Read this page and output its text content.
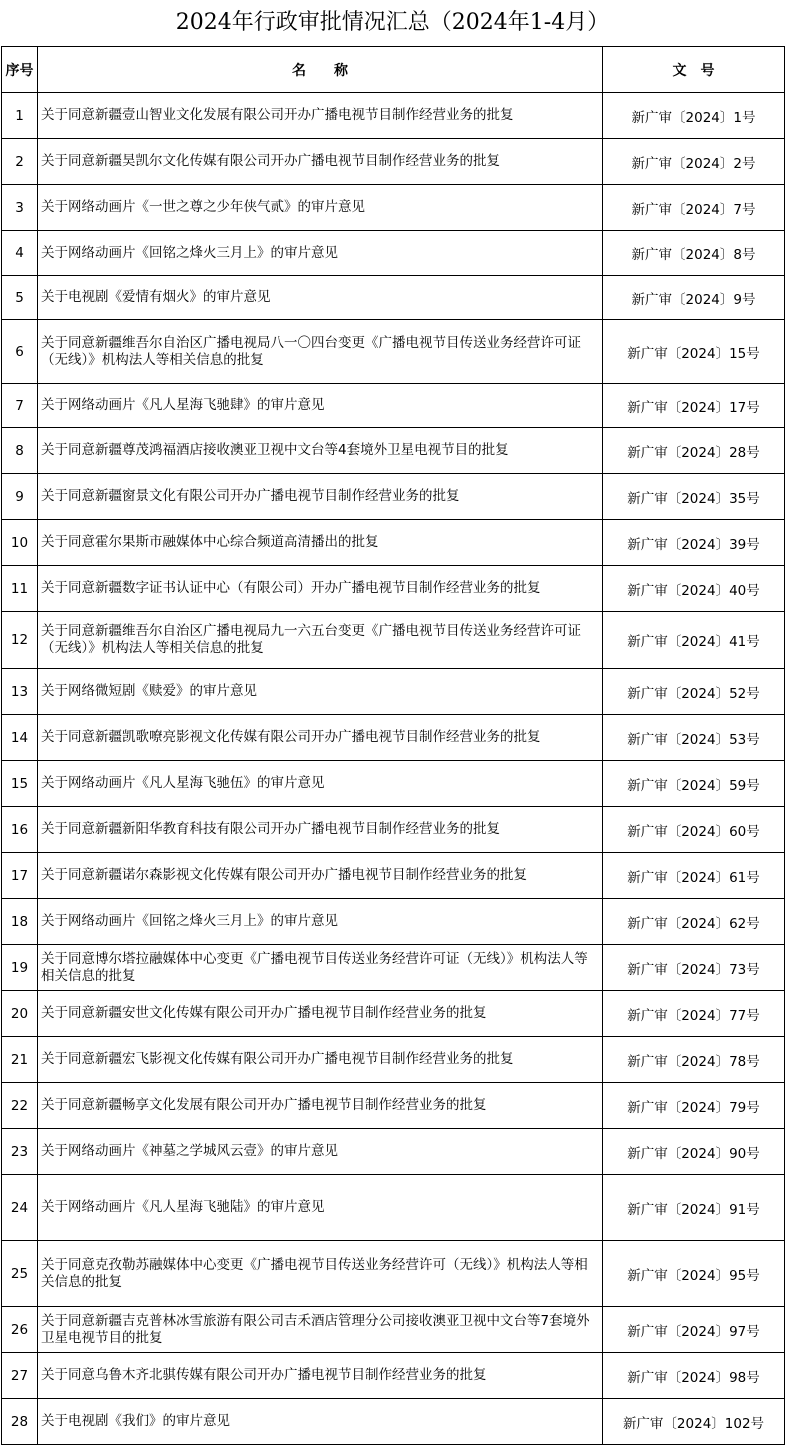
2024年行政审批情况汇总（2024年1-4月）
序号	名　　称	文　号
1	关于同意新疆壹山智业文化发展有限公司开办广播电视节目制作经营业务的批复	新广审〔2024〕1号
2	关于同意新疆昊凯尔文化传媒有限公司开办广播电视节目制作经营业务的批复	新广审〔2024〕2号
3	关于网络动画片《一世之尊之少年侠气贰》的审片意见	新广审〔2024〕7号
4	关于网络动画片《回铭之烽火三月上》的审片意见	新广审〔2024〕8号
5	关于电视剧《爱情有烟火》的审片意见	新广审〔2024〕9号
6	关于同意新疆维吾尔自治区广播电视局八一〇四台变更《广播电视节目传送业务经营许可证（无线）》机构法人等相关信息的批复	新广审〔2024〕15号
7	关于网络动画片《凡人星海飞驰肆》的审片意见	新广审〔2024〕17号
8	关于同意新疆尊茂鸿福酒店接收澳亚卫视中文台等4套境外卫星电视节目的批复	新广审〔2024〕28号
9	关于同意新疆窗景文化有限公司开办广播电视节目制作经营业务的批复	新广审〔2024〕35号
10	关于同意霍尔果斯市融媒体中心综合频道高清播出的批复	新广审〔2024〕39号
11	关于同意新疆数字证书认证中心（有限公司）开办广播电视节目制作经营业务的批复	新广审〔2024〕40号
12	关于同意新疆维吾尔自治区广播电视局九一六五台变更《广播电视节目传送业务经营许可证（无线）》机构法人等相关信息的批复	新广审〔2024〕41号
13	关于网络微短剧《赎爱》的审片意见	新广审〔2024〕52号
14	关于同意新疆凯歌嘹亮影视文化传媒有限公司开办广播电视节目制作经营业务的批复	新广审〔2024〕53号
15	关于网络动画片《凡人星海飞驰伍》的审片意见	新广审〔2024〕59号
16	关于同意新疆新阳华教育科技有限公司开办广播电视节目制作经营业务的批复	新广审〔2024〕60号
17	关于同意新疆诺尔森影视文化传媒有限公司开办广播电视节目制作经营业务的批复	新广审〔2024〕61号
18	关于网络动画片《回铭之烽火三月上》的审片意见	新广审〔2024〕62号
19	关于同意博尔塔拉融媒体中心变更《广播电视节目传送业务经营许可证（无线）》机构法人等相关信息的批复	新广审〔2024〕73号
20	关于同意新疆安世文化传媒有限公司开办广播电视节目制作经营业务的批复	新广审〔2024〕77号
21	关于同意新疆宏飞影视文化传媒有限公司开办广播电视节目制作经营业务的批复	新广审〔2024〕78号
22	关于同意新疆畅享文化发展有限公司开办广播电视节目制作经营业务的批复	新广审〔2024〕79号
23	关于网络动画片《神墓之学城风云壹》的审片意见	新广审〔2024〕90号
24	关于网络动画片《凡人星海飞驰陆》的审片意见	新广审〔2024〕91号
25	关于同意克孜勒苏融媒体中心变更《广播电视节目传送业务经营许可（无线）》机构法人等相关信息的批复	新广审〔2024〕95号
26	关于同意新疆吉克普林冰雪旅游有限公司吉禾酒店管理分公司接收澳亚卫视中文台等7套境外卫星电视节目的批复	新广审〔2024〕97号
27	关于同意乌鲁木齐北骐传媒有限公司开办广播电视节目制作经营业务的批复	新广审〔2024〕98号
28	关于电视剧《我们》的审片意见	新广审〔2024〕102号
